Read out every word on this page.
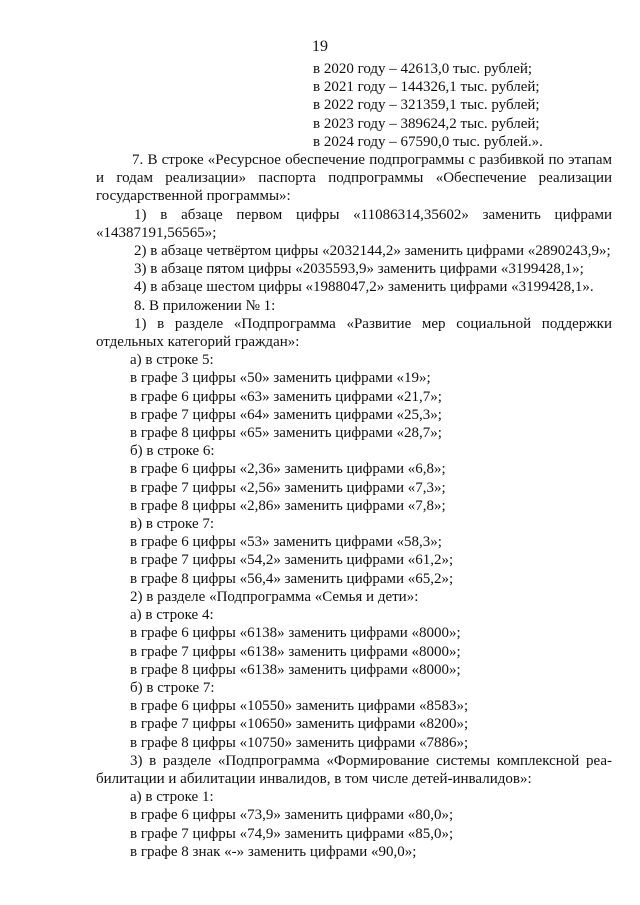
19
в 2020 году – 42613,0 тыс. рублей;
в 2021 году – 144326,1 тыс. рублей;
в 2022 году – 321359,1 тыс. рублей;
в 2023 году – 389624,2 тыс. рублей;
в 2024 году – 67590,0 тыс. рублей.».
7. В строке «Ресурсное обеспечение подпрограммы с разбивкой по этапам
и годам реализации» паспорта подпрограммы «Обеспечение реализации
государственной программы»:
1) в абзаце первом цифры «11086314,35602» заменить цифрами
«14387191,56565»;
2) в абзаце четвёртом цифры «2032144,2» заменить цифрами «2890243,9»;
3) в абзаце пятом цифры «2035593,9» заменить цифрами «3199428,1»;
4) в абзаце шестом цифры «1988047,2» заменить цифрами «3199428,1».
8. В приложении № 1:
1) в разделе «Подпрограмма «Развитие мер социальной поддержки
отдельных категорий граждан»:
а) в строке 5:
в графе 3 цифры «50» заменить цифрами «19»;
в графе 6 цифры «63» заменить цифрами «21,7»;
в графе 7 цифры «64» заменить цифрами «25,3»;
в графе 8 цифры «65» заменить цифрами «28,7»;
б) в строке 6:
в графе 6 цифры «2,36» заменить цифрами «6,8»;
в графе 7 цифры «2,56» заменить цифрами «7,3»;
в графе 8 цифры «2,86» заменить цифрами «7,8»;
в) в строке 7:
в графе 6 цифры «53» заменить цифрами «58,3»;
в графе 7 цифры «54,2» заменить цифрами «61,2»;
в графе 8 цифры «56,4» заменить цифрами «65,2»;
2) в разделе «Подпрограмма «Семья и дети»:
а) в строке 4:
в графе 6 цифры «6138» заменить цифрами «8000»;
в графе 7 цифры «6138» заменить цифрами «8000»;
в графе 8 цифры «6138» заменить цифрами «8000»;
б) в строке 7:
в графе 6 цифры «10550» заменить цифрами «8583»;
в графе 7 цифры «10650» заменить цифрами «8200»;
в графе 8 цифры «10750» заменить цифрами «7886»;
3) в разделе «Подпрограмма «Формирование системы комплексной реа-
билитации и абилитации инвалидов, в том числе детей-инвалидов»:
а) в строке 1:
в графе 6 цифры «73,9» заменить цифрами «80,0»;
в графе 7 цифры «74,9» заменить цифрами «85,0»;
в графе 8 знак «-» заменить цифрами «90,0»;
